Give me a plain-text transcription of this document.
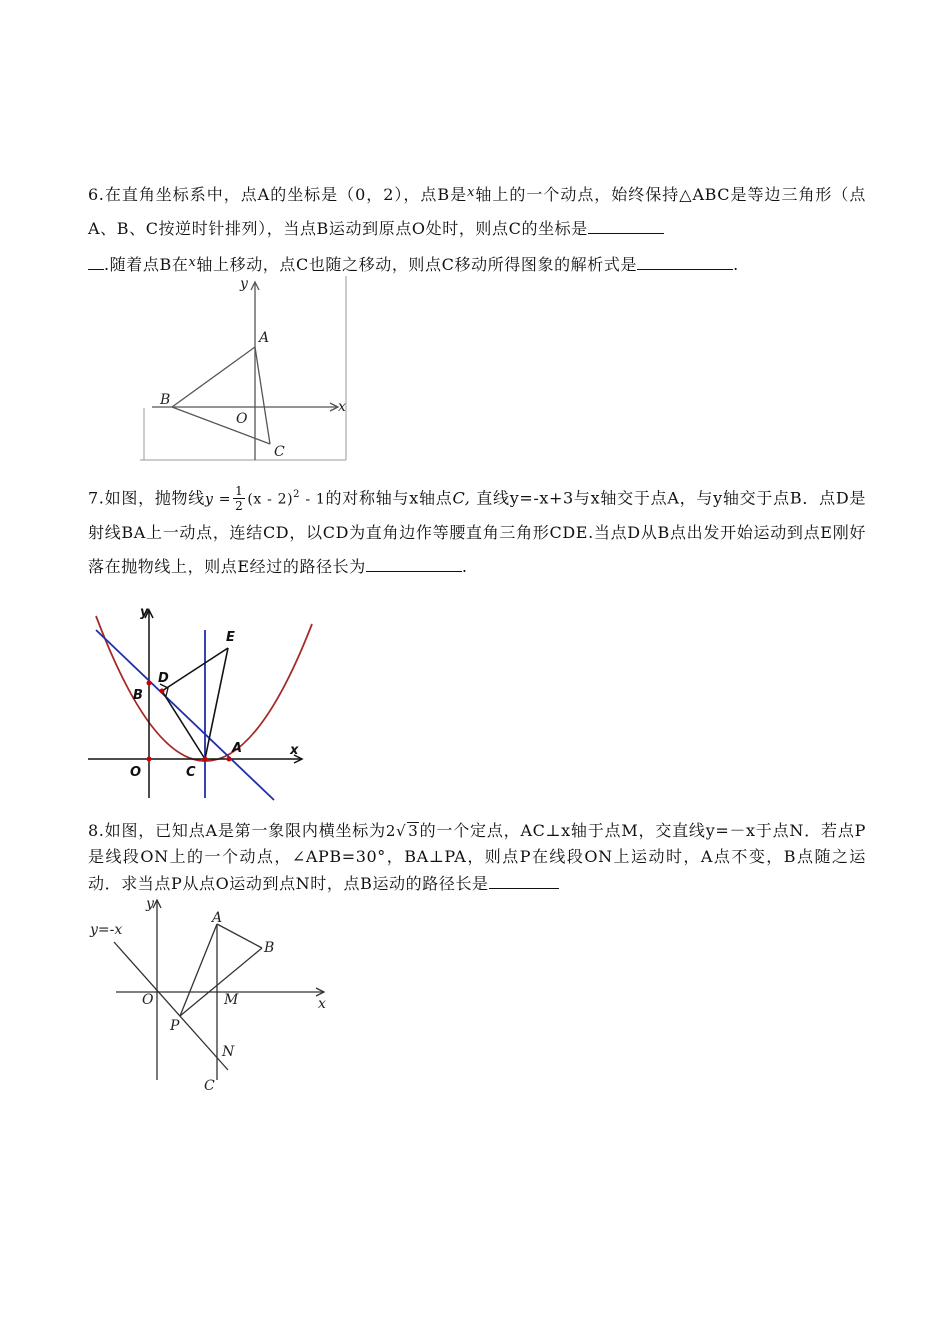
6.在直角坐标系中，点A的坐标是（0，2），点B是$^x$轴上的一个动点，始终保持△ABC是等边三角形（点A、B、C按逆时针排列），当点B运动到原点O处时，则点C的坐标是
.随着点B在$^x$轴上移动，点C也随之移动，则点C移动所得图象的解析式是	.
y
x
A
B
O
C
7.如图，抛物线$y = \frac{1}{2} (x - 2)^2 - 1$的对称轴与x轴点C, 直线y=-x+3与x轴交于点A，与y轴交于点B．点D是射线BA上一动点，连结CD，以CD为直角边作等腰直角三角形CDE.当点D从B点出发开始运动到点E刚好落在抛物线上，则点E经过的路径长为	.
y
x
E
D
B
A
O	C
8.如图，已知点A是第一象限内横坐标为2√ 3的一个定点，AC⊥x轴于点M，交直线y=－x于点N．若点P是线段ON上的一个动点，∠APB=30°，BA⊥PA，则点P在线段ON上运动时，A点不变，B点随之运动．求当点P从点O运动到点N时，点B运动的路径长是
y=-x
y
x
A
B
O	M
P
N
C
